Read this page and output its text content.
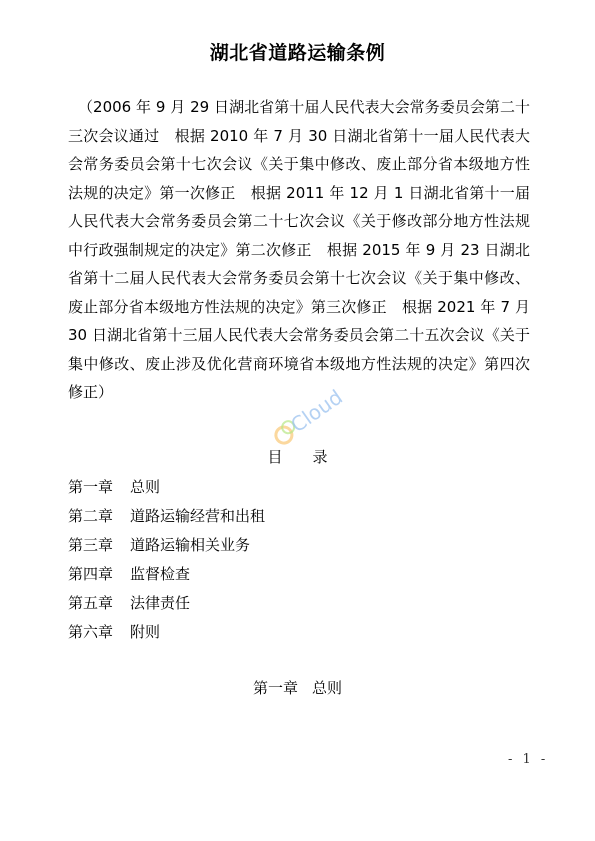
湖北省道路运输条例
（2006 年 9 月 29 日湖北省第十届人民代表大会常务委员会第二十三次会议通过　根据 2010 年 7 月 30 日湖北省第十一届人民代表大会常务委员会第十七次会议《关于集中修改、废止部分省本级地方性法规的决定》第一次修正　根据 2011 年 12 月 1 日湖北省第十一届人民代表大会常务委员会第二十七次会议《关于修改部分地方性法规中行政强制规定的决定》第二次修正　根据 2015 年 9 月 23 日湖北省第十二届人民代表大会常务委员会第十七次会议《关于集中修改、废止部分省本级地方性法规的决定》第三次修正　根据 2021 年 7 月 30 日湖北省第十三届人民代表大会常务委员会第二十五次会议《关于集中修改、废止涉及优化营商环境省本级地方性法规的决定》第四次修正）	Cloud
目 录
第一章 总则
第二章 道路运输经营和出租
第三章 道路运输相关业务
第四章 监督检查
第五章 法律责任
第六章 附则
第一章 总则
- 1 -
